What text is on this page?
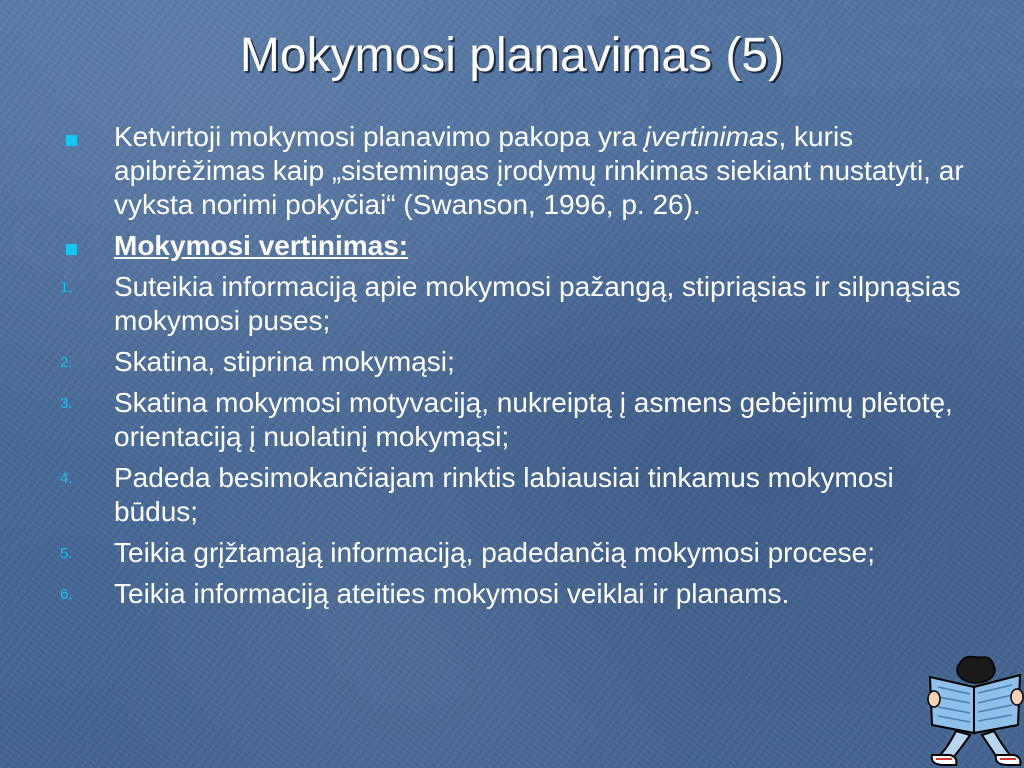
Mokymosi planavimas (5)
Ketvirtoji mokymosi planavimo pakopa yra įvertinimas, kuris apibrėžimas kaip „sistemingas įrodymų rinkimas siekiant nustatyti, ar vyksta norimi pokyčiai“ (Swanson, 1996, p. 26).
Mokymosi vertinimas:
1. Suteikia informaciją apie mokymosi pažangą, stipriąsias ir silpnąsias mokymosi puses;
2. Skatina, stiprina mokymąsi;
3. Skatina mokymosi motyvaciją, nukreiptą į asmens gebėjimų plėtotę, orientaciją į nuolatinį mokymąsi;
4. Padeda besimokančiajam rinktis labiausiai tinkamus mokymosi būdus;
5. Teikia grįžtamąją informaciją, padedančią mokymosi procese;
6. Teikia informaciją ateities mokymosi veiklai ir planams.
